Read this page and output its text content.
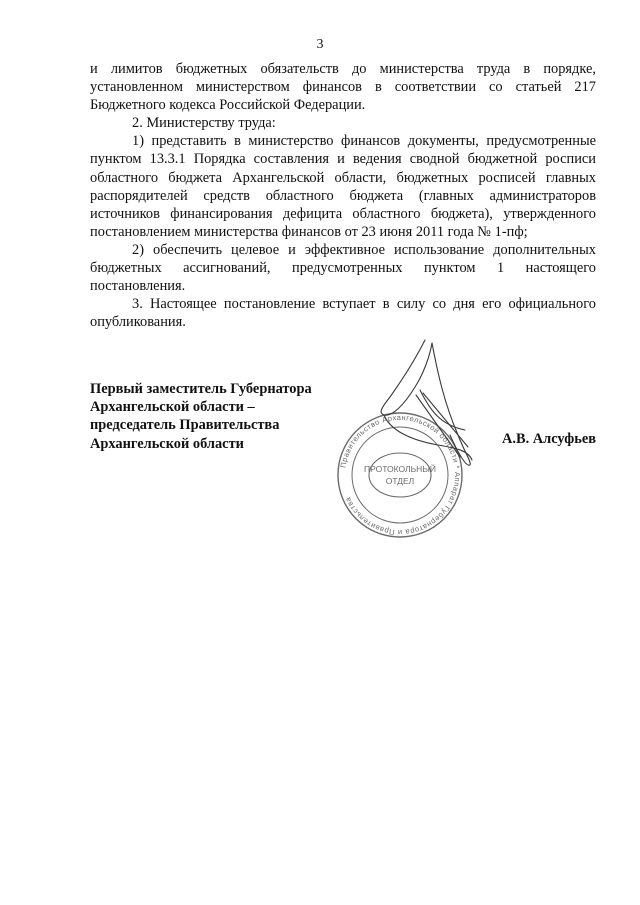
3

и лимитов бюджетных обязательств до министерства труда в порядке, установленном министерством финансов в соответствии со статьей 217 Бюджетного кодекса Российской Федерации.

2. Министерству труда:

1) представить в министерство финансов документы, предусмотренные пунктом 13.3.1 Порядка составления и ведения сводной бюджетной росписи областного бюджета Архангельской области, бюджетных росписей главных распорядителей средств областного бюджета (главных администраторов источников финансирования дефицита областного бюджета), утвержденного постановлением министерства финансов от 23 июня 2011 года № 1-пф;

2) обеспечить целевое и эффективное использование дополнительных бюджетных ассигнований, предусмотренных пунктом 1 настоящего постановления.

3. Настоящее постановление вступает в силу со дня его официального опубликования.

Первый заместитель Губернатора
Архангельской области –
председатель Правительства
Архангельской области	А.В. Алсуфьев
Правительство Архангельской области * Аппарат Губернатора и Правительства
ПРОТОКОЛЬНЫЙ
ОТДЕЛ
